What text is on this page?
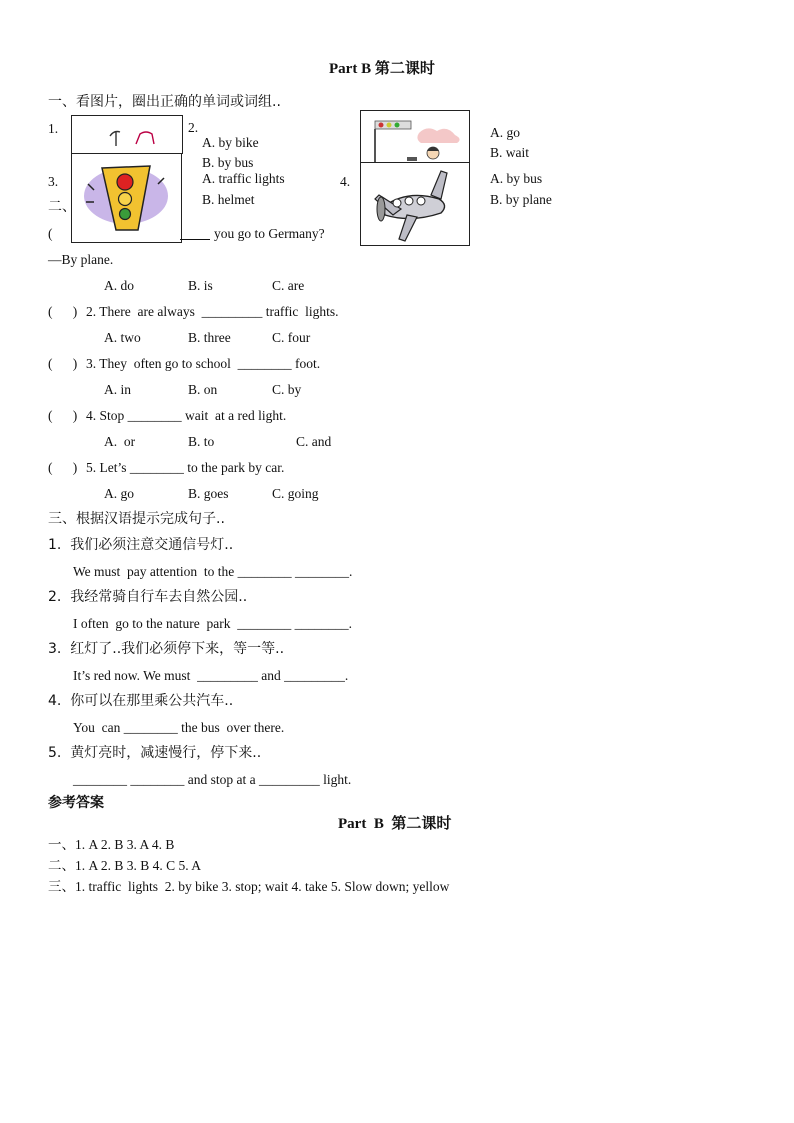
Part B 第二课时
一、看图片，圈出正确的单词或词组..
1.	2.
A. by bike
B. by bus
A. go
B. wait
3.	A. traffic lights
B. helmet
4.	A. by bus
B. by plane
二、
(	you go to Germany?
—By plane.
A. do	B. is	C. are
(      ) 2. There  are always  _________ traffic  lights.
A. two	B. three	C. four
(      ) 3. They  often go to school  ________ foot.
A. in	B. on	C. by
(      ) 4. Stop ________ wait  at a red light.
A.  or	B. to	C. and
(      ) 5. Let’s ________ to the park by car.
A. go	B. goes	C. going
三、根据汉语提示完成句子..
1.  我们必须注意交通信号灯..
We must  pay attention  to the ________ ________.
2.  我经常骑自行车去自然公园..
I often  go to the nature  park  ________ ________.
3.  红灯了..我们必须停下来，等一等..
It’s red now. We must  _________ and _________.
4.  你可以在那里乘公共汽车..
You  can ________ the bus  over there.
5.  黄灯亮时，减速慢行，停下来..
________ ________ and stop at a _________ light.
参考答案
Part  B  第二课时
一、1. A 2. B 3. A 4. B
二、1. A 2. B 3. B 4. C 5. A
三、1. traffic  lights  2. by bike 3. stop; wait 4. take 5. Slow down; yellow
